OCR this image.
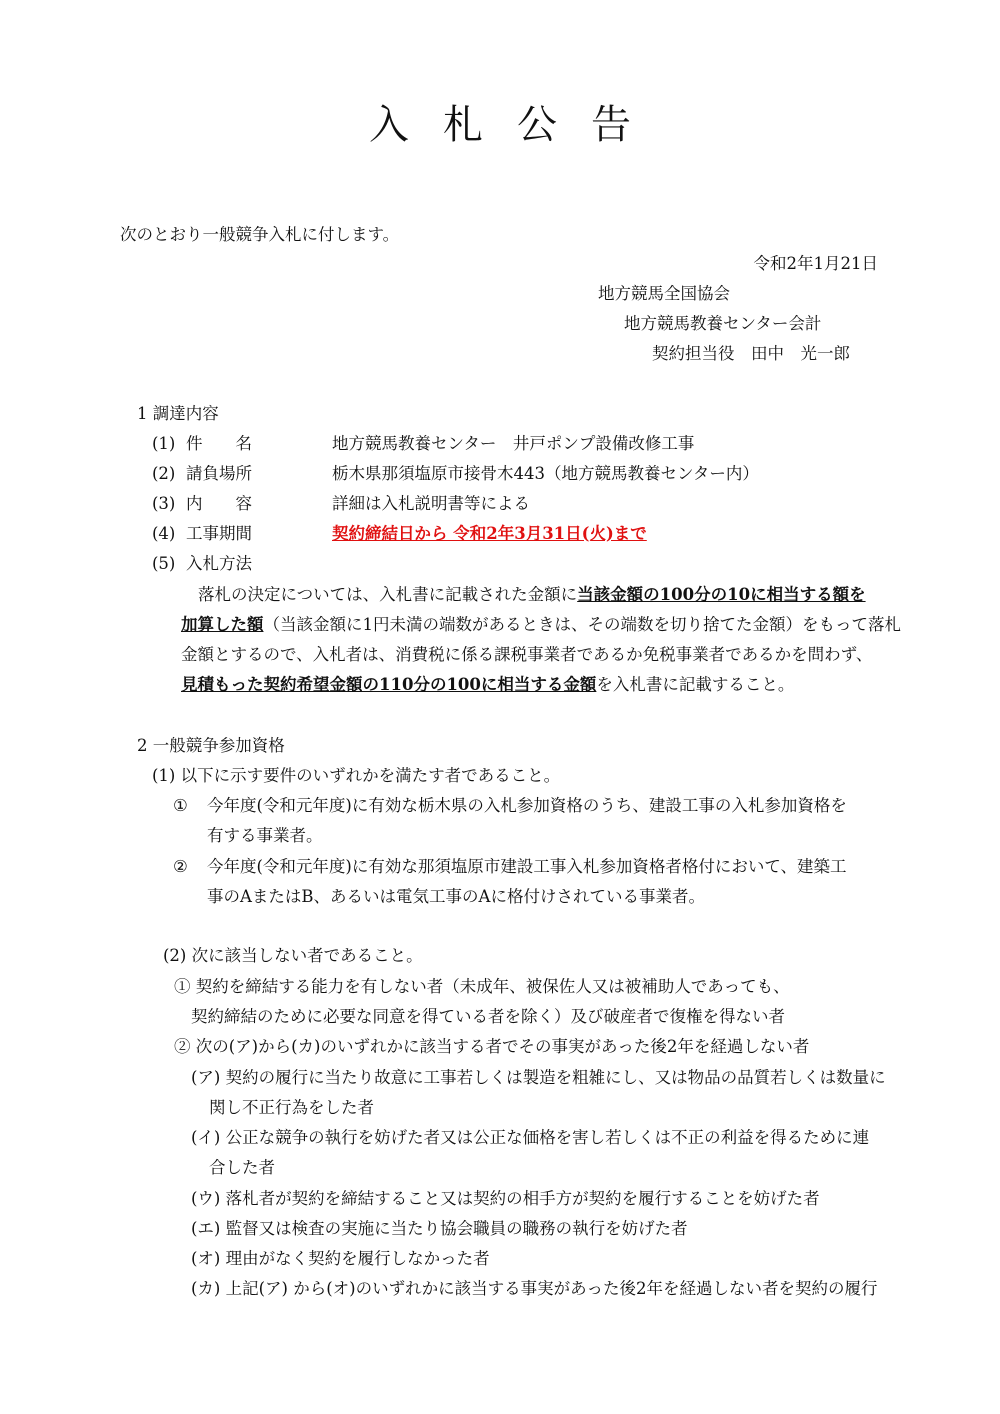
入札公告
次のとおり一般競争入札に付します。
令和2年1月21日
地方競馬全国協会
地方競馬教養センター会計
契約担当役　田中　光一郎
1 調達内容
(1) 件　　名	地方競馬教養センター　井戸ポンプ設備改修工事
(2) 請負場所	栃木県那須塩原市接骨木443（地方競馬教養センター内）
(3) 内　　容	詳細は入札説明書等による
(4) 工事期間	契約締結日から 令和2年3月31日(火)まで
(5) 入札方法
落札の決定については、入札書に記載された金額に当該金額の100分の10に相当する額を
加算した額（当該金額に1円未満の端数があるときは、その端数を切り捨てた金額）をもって落札
金額とするので、入札者は、消費税に係る課税事業者であるか免税事業者であるかを問わず、
見積もった契約希望金額の110分の100に相当する金額を入札書に記載すること。
2 一般競争参加資格
(1) 以下に示す要件のいずれかを満たす者であること。
① 今年度(令和元年度)に有効な栃木県の入札参加資格のうち、建設工事の入札参加資格を
有する事業者。
② 今年度(令和元年度)に有効な那須塩原市建設工事入札参加資格者格付において、建築工
事のAまたはB、あるいは電気工事のAに格付けされている事業者。
(2) 次に該当しない者であること。
① 契約を締結する能力を有しない者（未成年、被保佐人又は被補助人であっても、
契約締結のために必要な同意を得ている者を除く）及び破産者で復権を得ない者
② 次の(ア)から(カ)のいずれかに該当する者でその事実があった後2年を経過しない者
(ア) 契約の履行に当たり故意に工事若しくは製造を粗雑にし、又は物品の品質若しくは数量に
関し不正行為をした者
(イ) 公正な競争の執行を妨げた者又は公正な価格を害し若しくは不正の利益を得るために連
合した者
(ウ) 落札者が契約を締結すること又は契約の相手方が契約を履行することを妨げた者
(エ) 監督又は検査の実施に当たり協会職員の職務の執行を妨げた者
(オ) 理由がなく契約を履行しなかった者
(カ) 上記(ア) から(オ)のいずれかに該当する事実があった後2年を経過しない者を契約の履行
